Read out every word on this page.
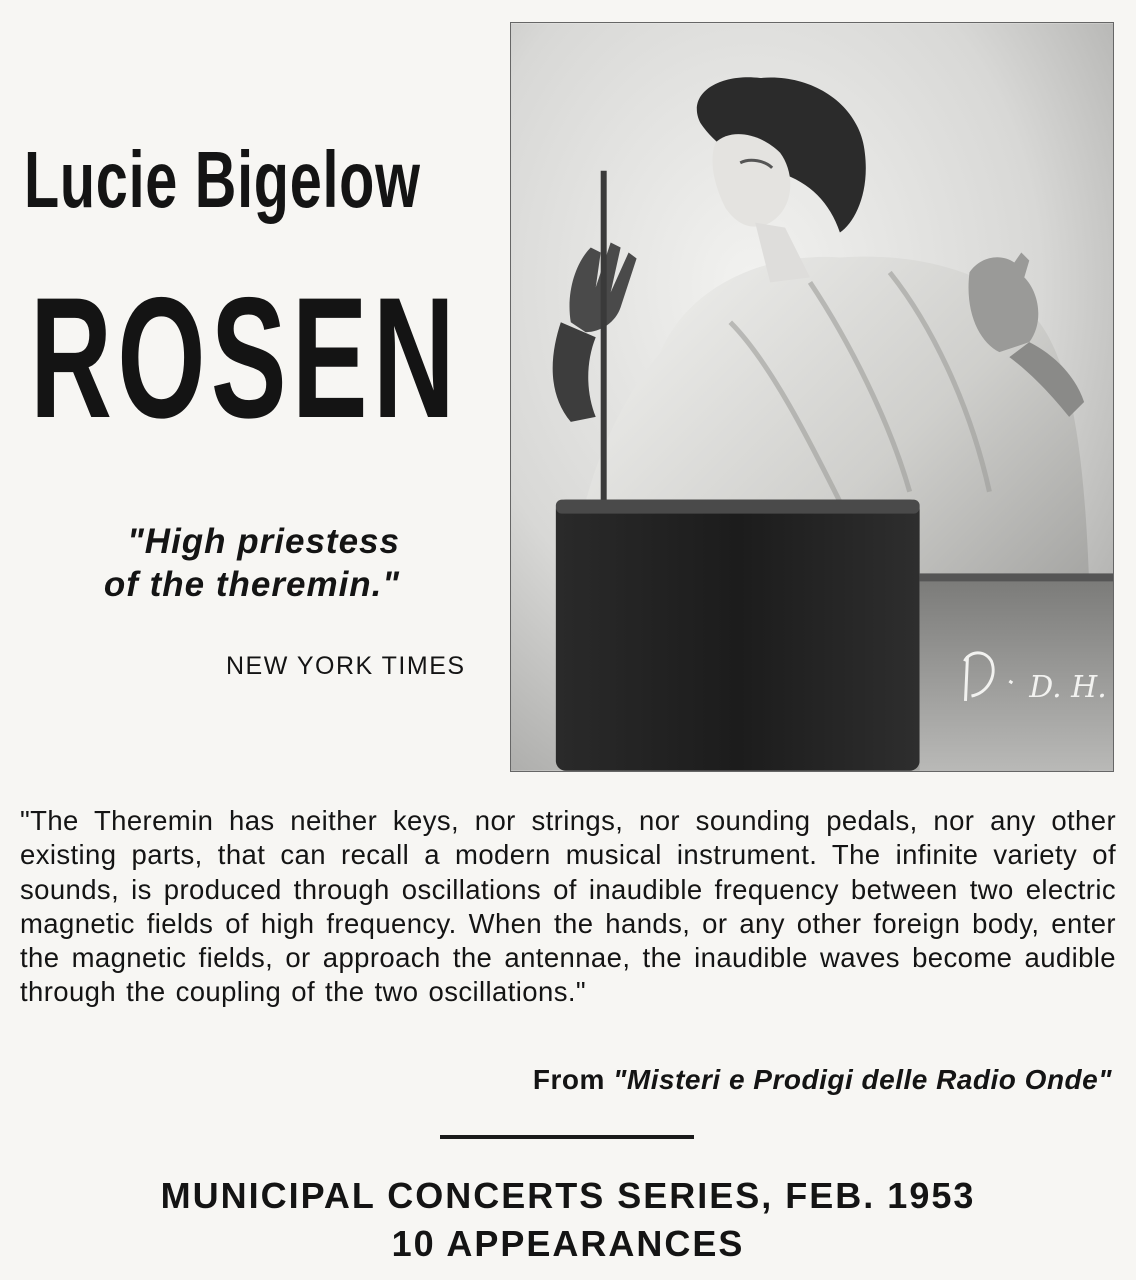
Lucie Bigelow
ROSEN
"High priestess
of the theremin."
NEW YORK TIMES
D. H.
"The Theremin has neither keys, nor strings, nor sounding pedals, nor any other existing parts, that can recall a modern musical instrument. The infinite variety of sounds, is produced through oscillations of inaudible frequency between two electric magnetic fields of high frequency. When the hands, or any other foreign body, enter the magnetic fields, or approach the antennae, the inaudible waves become audible through the coupling of the two oscillations."
From "Misteri e Prodigi delle Radio Onde"
MUNICIPAL CONCERTS SERIES, FEB. 1953
10 APPEARANCES
